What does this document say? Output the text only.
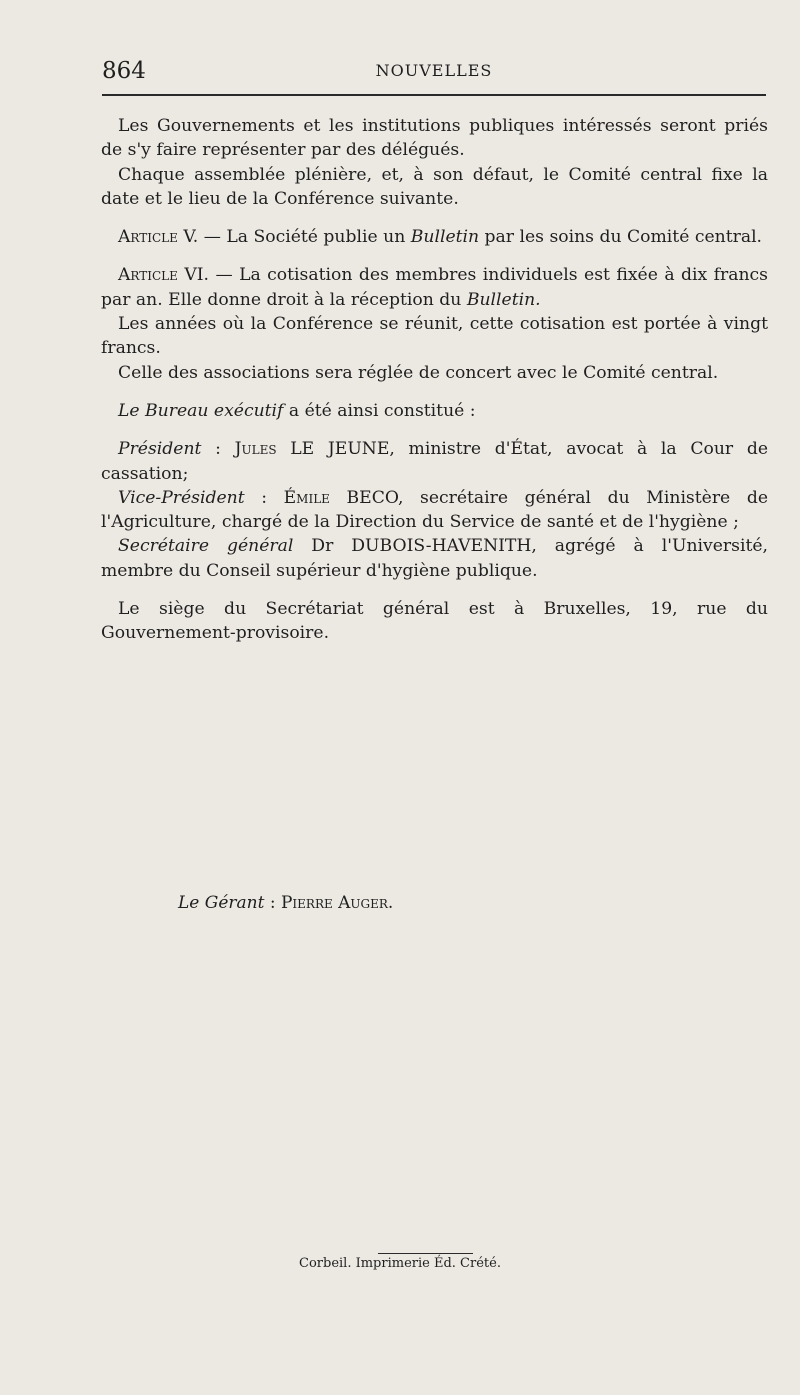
864	NOUVELLES

Les Gouvernements et les institutions publiques intéressés seront priés de s'y faire représenter par des délégués.

Chaque assemblée plénière, et, à son défaut, le Comité central fixe la date et le lieu de la Conférence suivante.

Article V. — La Société publie un Bulletin par les soins du Comité central.

Article VI. — La cotisation des membres individuels est fixée à dix francs par an. Elle donne droit à la réception du Bulletin.

Les années où la Conférence se réunit, cette cotisation est portée à vingt francs.

Celle des associations sera réglée de concert avec le Comité central.

Le Bureau exécutif a été ainsi constitué :

Président : Jules LE JEUNE, ministre d'État, avocat à la Cour de cassation;

Vice-Président : Émile BECO, secrétaire général du Ministère de l'Agriculture, chargé de la Direction du Service de santé et de l'hygiène ;

Secrétaire général Dr DUBOIS-HAVENITH, agrégé à l'Université, membre du Conseil supérieur d'hygiène publique.

Le siège du Secrétariat général est à Bruxelles, 19, rue du Gouvernement-provisoire.

Le Gérant : Pierre Auger.
Corbeil. Imprimerie Éd. Crété.
